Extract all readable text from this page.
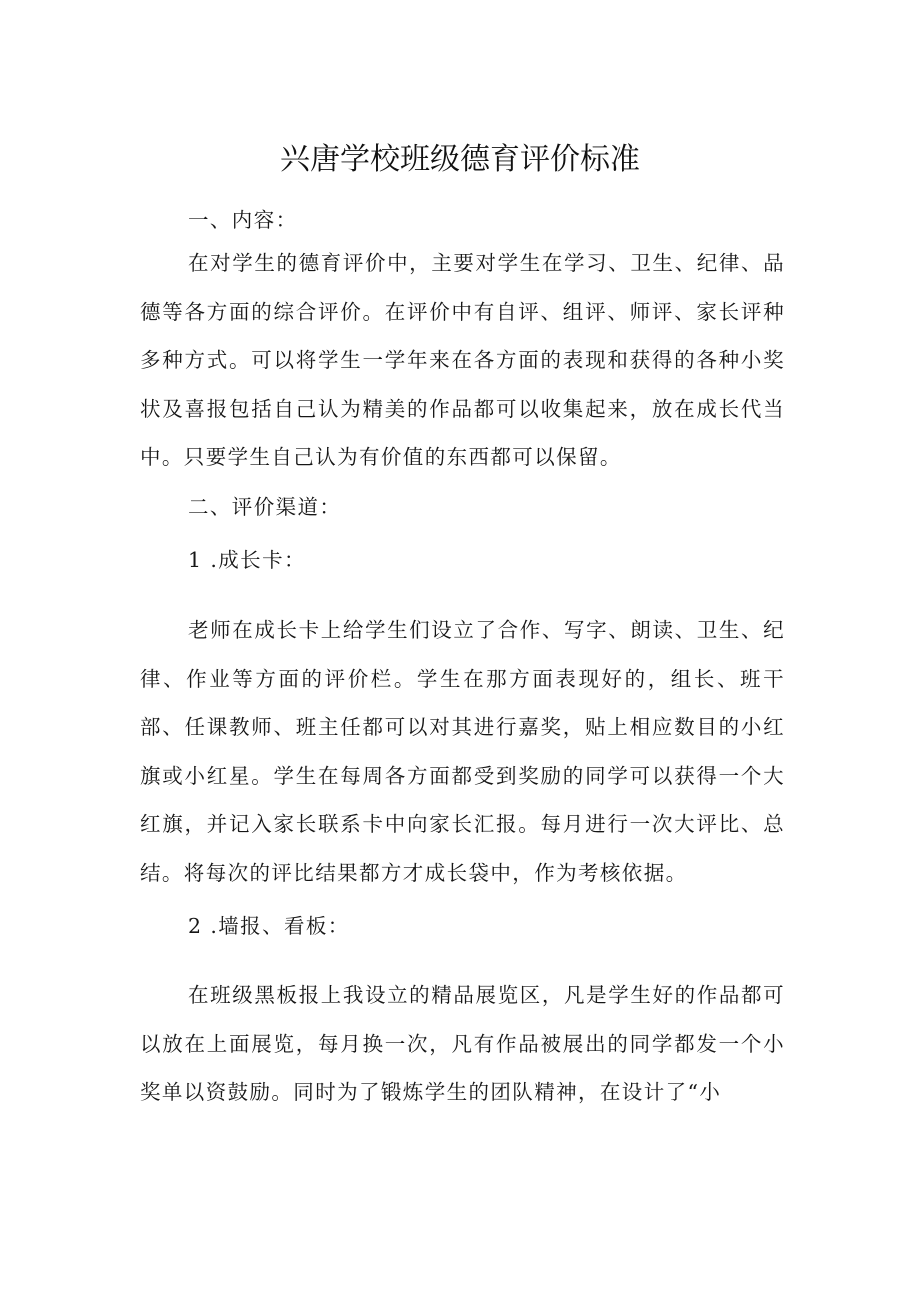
兴唐学校班级德育评价标准
一、内容：
在对学生的德育评价中，主要对学生在学习、卫生、纪律、品德等各方面的综合评价。在评价中有自评、组评、师评、家长评种多种方式。可以将学生一学年来在各方面的表现和获得的各种小奖状及喜报包括自己认为精美的作品都可以收集起来，放在成长代当中。只要学生自己认为有价值的东西都可以保留。
二、评价渠道：
1 .成长卡：
老师在成长卡上给学生们设立了合作、写字、朗读、卫生、纪律、作业等方面的评价栏。学生在那方面表现好的，组长、班干部、任课教师、班主任都可以对其进行嘉奖，贴上相应数目的小红旗或小红星。学生在每周各方面都受到奖励的同学可以获得一个大红旗，并记入家长联系卡中向家长汇报。每月进行一次大评比、总结。将每次的评比结果都方才成长袋中，作为考核依据。
2 .墙报、看板：
在班级黑板报上我设立的精品展览区，凡是学生好的作品都可以放在上面展览，每月换一次，凡有作品被展出的同学都发一个小奖单以资鼓励。同时为了锻炼学生的团队精神，在设计了“小
